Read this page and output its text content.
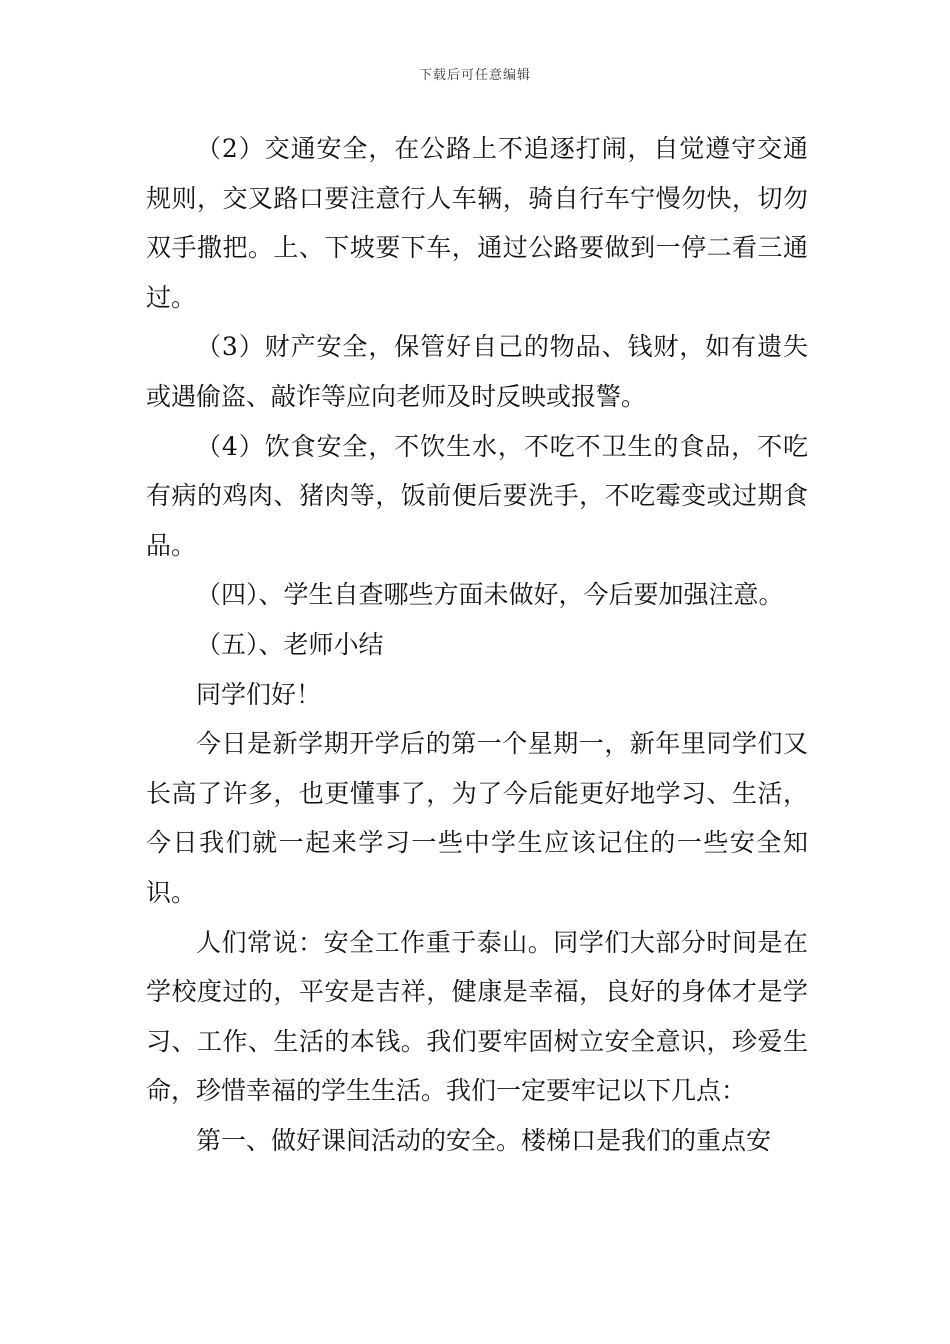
下载后可任意编辑

（2）交通安全，在公路上不追逐打闹，自觉遵守交通规则，交叉路口要注意行人车辆，骑自行车宁慢勿快，切勿双手撒把。上、下坡要下车，通过公路要做到一停二看三通过。

（3）财产安全，保管好自己的物品、钱财，如有遗失或遇偷盗、敲诈等应向老师及时反映或报警。

（4）饮食安全，不饮生水，不吃不卫生的食品，不吃有病的鸡肉、猪肉等，饭前便后要洗手，不吃霉变或过期食品。

（四）、学生自查哪些方面未做好，今后要加强注意。

（五）、老师小结

同学们好！

今日是新学期开学后的第一个星期一，新年里同学们又长高了许多，也更懂事了，为了今后能更好地学习、生活，今日我们就一起来学习一些中学生应该记住的一些安全知识。

人们常说：安全工作重于泰山。同学们大部分时间是在学校度过的，平安是吉祥，健康是幸福，良好的身体才是学习、工作、生活的本钱。我们要牢固树立安全意识，珍爱生命，珍惜幸福的学生生活。我们一定要牢记以下几点：

第一、做好课间活动的安全。楼梯口是我们的重点安
